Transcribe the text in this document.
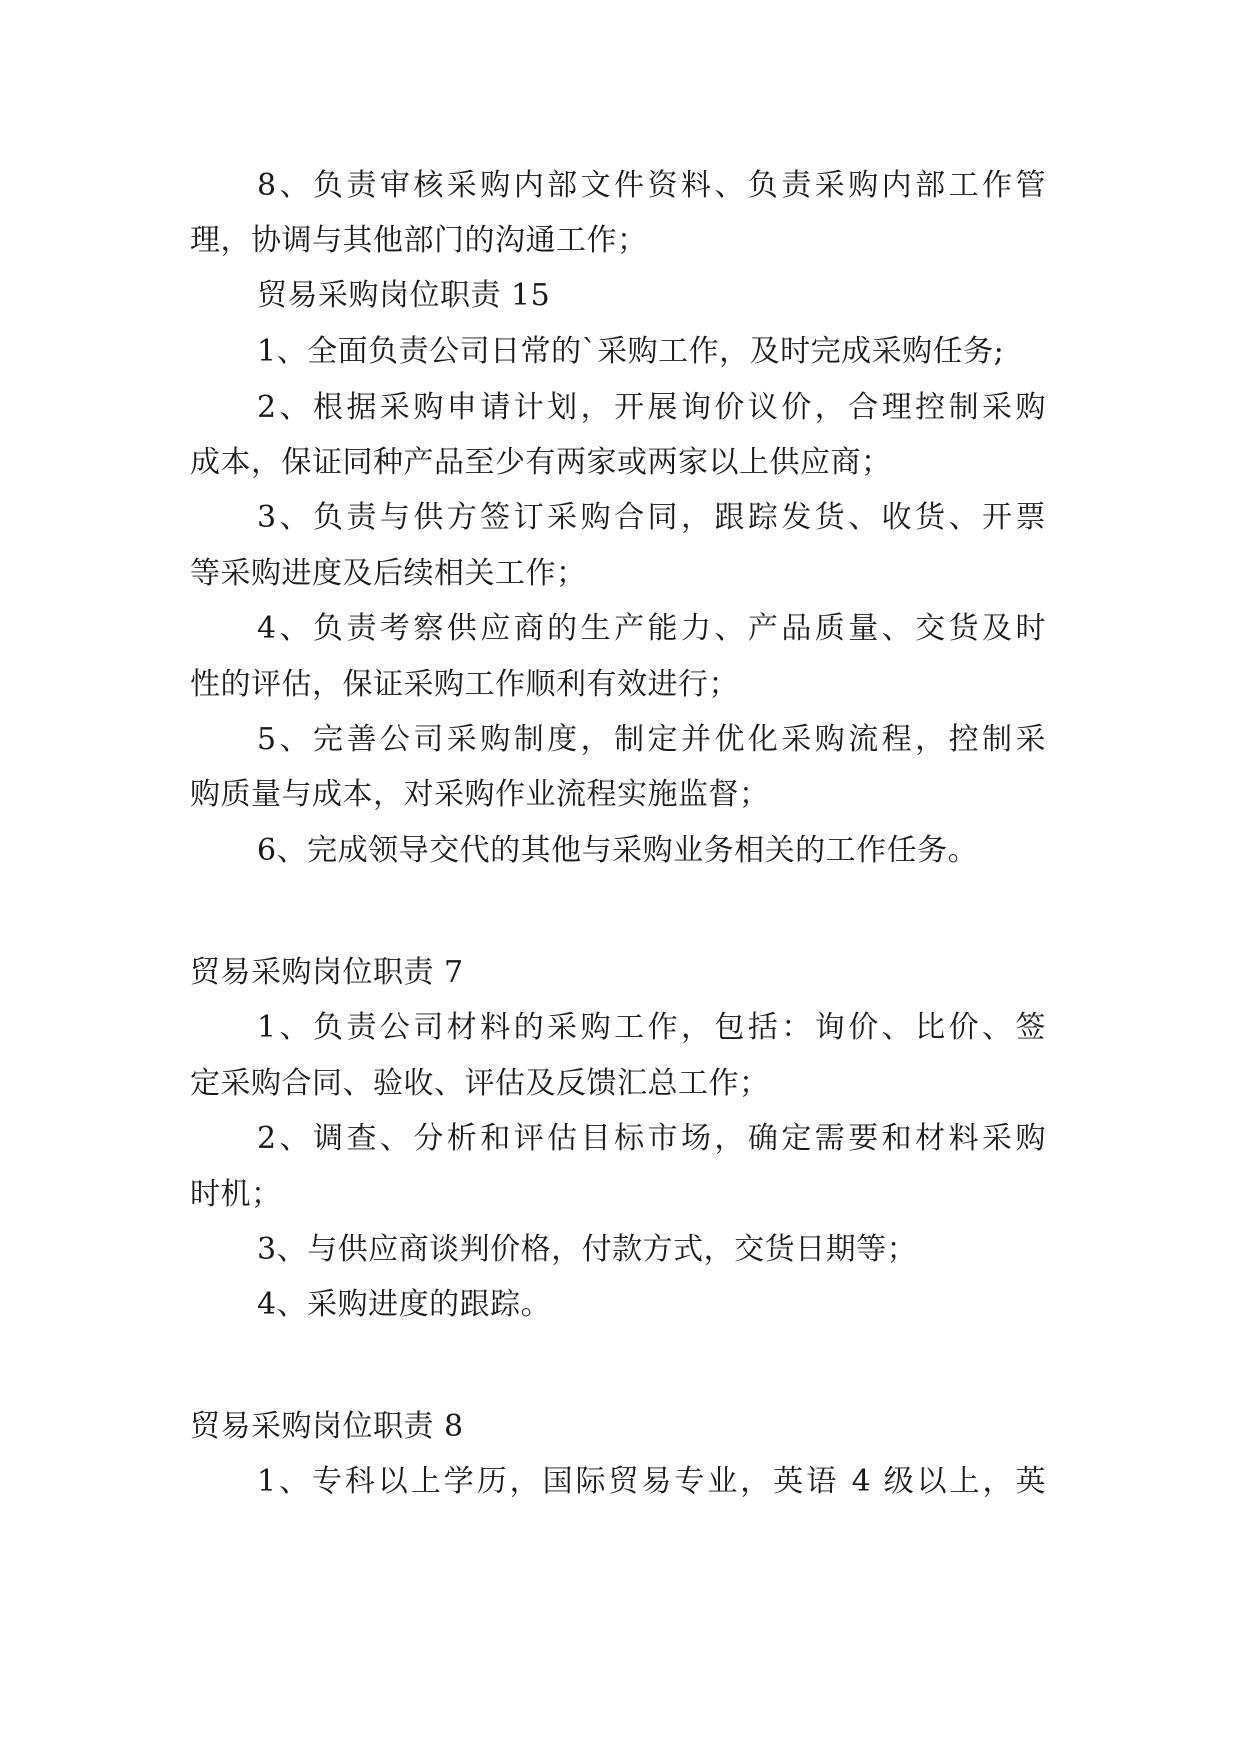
8、负责审核采购内部文件资料、负责采购内部工作管
理，协调与其他部门的沟通工作；
贸易采购岗位职责 15
1、全面负责公司日常的`采购工作，及时完成采购任务;
2、根据采购申请计划，开展询价议价，合理控制采购
成本，保证同种产品至少有两家或两家以上供应商；
3、负责与供方签订采购合同，跟踪发货、收货、开票
等采购进度及后续相关工作；
4、负责考察供应商的生产能力、产品质量、交货及时
性的评估，保证采购工作顺利有效进行；
5、完善公司采购制度，制定并优化采购流程，控制采
购质量与成本，对采购作业流程实施监督；
6、完成领导交代的其他与采购业务相关的工作任务。
贸易采购岗位职责 7
1、负责公司材料的采购工作，包括：询价、比价、签
定采购合同、验收、评估及反馈汇总工作；
2、调查、分析和评估目标市场，确定需要和材料采购
时机；
3、与供应商谈判价格，付款方式，交货日期等；
4、采购进度的跟踪。
贸易采购岗位职责 8
1、专科以上学历，国际贸易专业，英语 4 级以上，英
